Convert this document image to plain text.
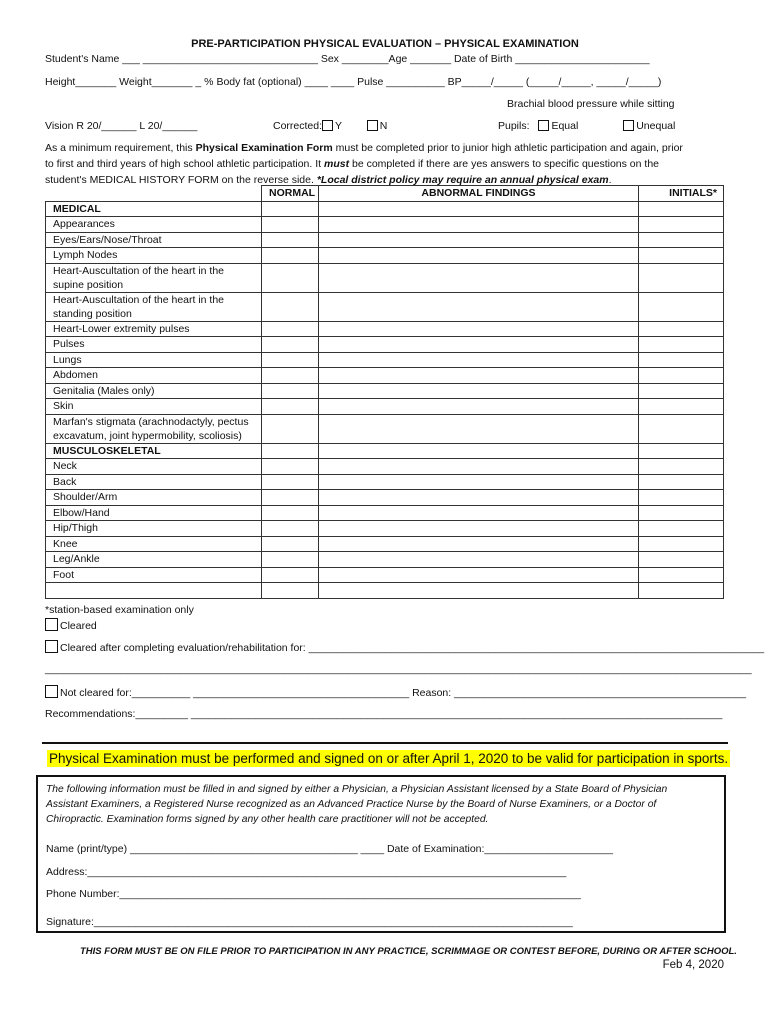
PRE-PARTICIPATION PHYSICAL EVALUATION – PHYSICAL EXAMINATION
Student's Name ___ ______________________________ Sex ________Age _______ Date of Birth _______________________
Height_______ Weight_______ _ % Body fat (optional) ____ ____ Pulse __________ BP_____/_____ (_____/_____, _____/_____)
Brachial blood pressure while sitting
Vision R 20/______ L 20/______	Corrected: Y	N	Pupils: Equal	Unequal
As a minimum requirement, this Physical Examination Form must be completed prior to junior high athletic participation and again, prior to first and third years of high school athletic participation. It must be completed if there are yes answers to specific questions on the student's MEDICAL HISTORY FORM on the reverse side. *Local district policy may require an annual physical exam.
	NORMAL	ABNORMAL FINDINGS	INITIALS*
MEDICAL			
Appearances			
Eyes/Ears/Nose/Throat			
Lymph Nodes			
Heart-Auscultation of the heart in the supine position			
Heart-Auscultation of the heart in the standing position			
Heart-Lower extremity pulses			
Pulses			
Lungs			
Abdomen			
Genitalia (Males only)			
Skin			
Marfan's stigmata (arachnodactyly, pectus excavatum, joint hypermobility, scoliosis)			
MUSCULOSKELETAL			
Neck			
Back			
Shoulder/Arm			
Elbow/Hand			
Hip/Thigh			
Knee			
Leg/Ankle			
Foot			

*station-based examination only
Cleared
Cleared after completing evaluation/rehabilitation for: ______________________________________________________________________________
_________________________________________________________________________________________________________________________
Not cleared for:__________ _____________________________________ Reason: __________________________________________________
Recommendations:_________ ___________________________________________________________________________________________
Physical Examination must be performed and signed on or after April 1, 2020 to be valid for participation in sports.
The following information must be filled in and signed by either a Physician, a Physician Assistant licensed by a State Board of Physician Assistant Examiners, a Registered Nurse recognized as an Advanced Practice Nurse by the Board of Nurse Examiners, or a Doctor of Chiropractic. Examination forms signed by any other health care practitioner will not be accepted.
Name (print/type) _______________________________________ ____ Date of Examination:______________________
Address:__________________________________________________________________________________
Phone Number:_______________________________________________________________________________
Signature:__________________________________________________________________________________
THIS FORM MUST BE ON FILE PRIOR TO PARTICIPATION IN ANY PRACTICE, SCRIMMAGE OR CONTEST BEFORE, DURING OR AFTER SCHOOL.
Feb 4, 2020
